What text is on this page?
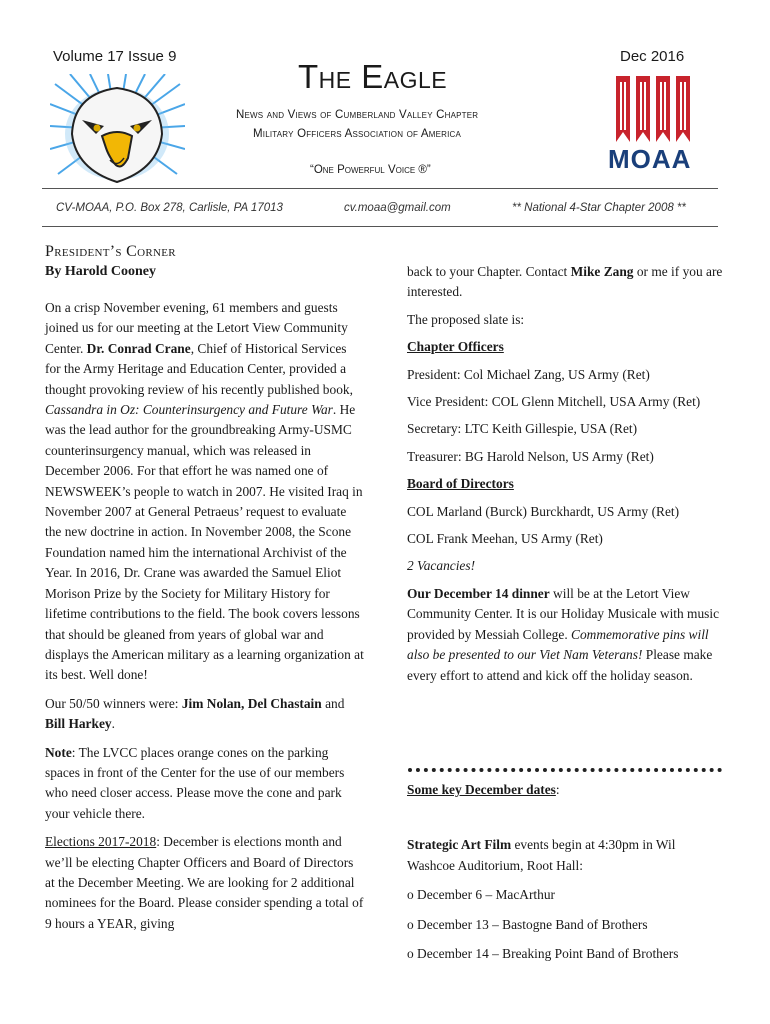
Volume 17 Issue 9	Dec 2016
The Eagle
News and Views of Cumberland Valley Chapter
Military Officers Association of America
“One Powerful Voice ®”	MOAA
CV-MOAA, P.O. Box 278, Carlisle, PA 17013	cv.moaa@gmail.com	** National 4-Star Chapter 2008 **
President’s Corner
By Harold Cooney

On a crisp November evening, 61 members and guests joined us for our meeting at the Letort View Community Center. Dr. Conrad Crane, Chief of Historical Services for the Army Heritage and Education Center, provided a thought provoking review of his recently published book, Cassandra in Oz: Counterinsurgency and Future War. He was the lead author for the groundbreaking Army-USMC counterinsurgency manual, which was released in December 2006. For that effort he was named one of NEWSWEEK’s people to watch in 2007. He visited Iraq in November 2007 at General Petraeus’ request to evaluate the new doctrine in action. In November 2008, the Scone Foundation named him the international Archivist of the Year. In 2016, Dr. Crane was awarded the Samuel Eliot Morison Prize by the Society for Military History for lifetime contributions to the field. The book covers lessons that should be gleaned from years of global war and displays the American military as a learning organization at its best. Well done!

Our 50/50 winners were: Jim Nolan, Del Chastain and Bill Harkey.

Note: The LVCC places orange cones on the parking spaces in front of the Center for the use of our members who need closer access. Please move the cone and park your vehicle there.

Elections 2017-2018: December is elections month and we’ll be electing Chapter Officers and Board of Directors at the December Meeting. We are looking for 2 additional nominees for the Board. Please consider spending a total of 9 hours a YEAR, giving

back to your Chapter. Contact Mike Zang or me if you are interested.

The proposed slate is:

Chapter Officers

President: Col Michael Zang, US Army (Ret)

Vice President: COL Glenn Mitchell, USA Army (Ret)

Secretary: LTC Keith Gillespie, USA (Ret)

Treasurer: BG Harold Nelson, US Army (Ret)

Board of Directors

COL Marland (Burck) Burckhardt, US Army (Ret)

COL Frank Meehan, US Army (Ret)

2 Vacancies!

Our December 14 dinner will be at the Letort View Community Center. It is our Holiday Musicale with music provided by Messiah College. Commemorative pins will also be presented to our Viet Nam Veterans! Please make every effort to attend and kick off the holiday season.

Some key December dates:

Strategic Art Film events begin at 4:30pm in Wil Washcoe Auditorium, Root Hall:

o December 6 – MacArthur

o December 13 – Bastogne Band of Brothers

o December 14 – Breaking Point Band of Brothers
